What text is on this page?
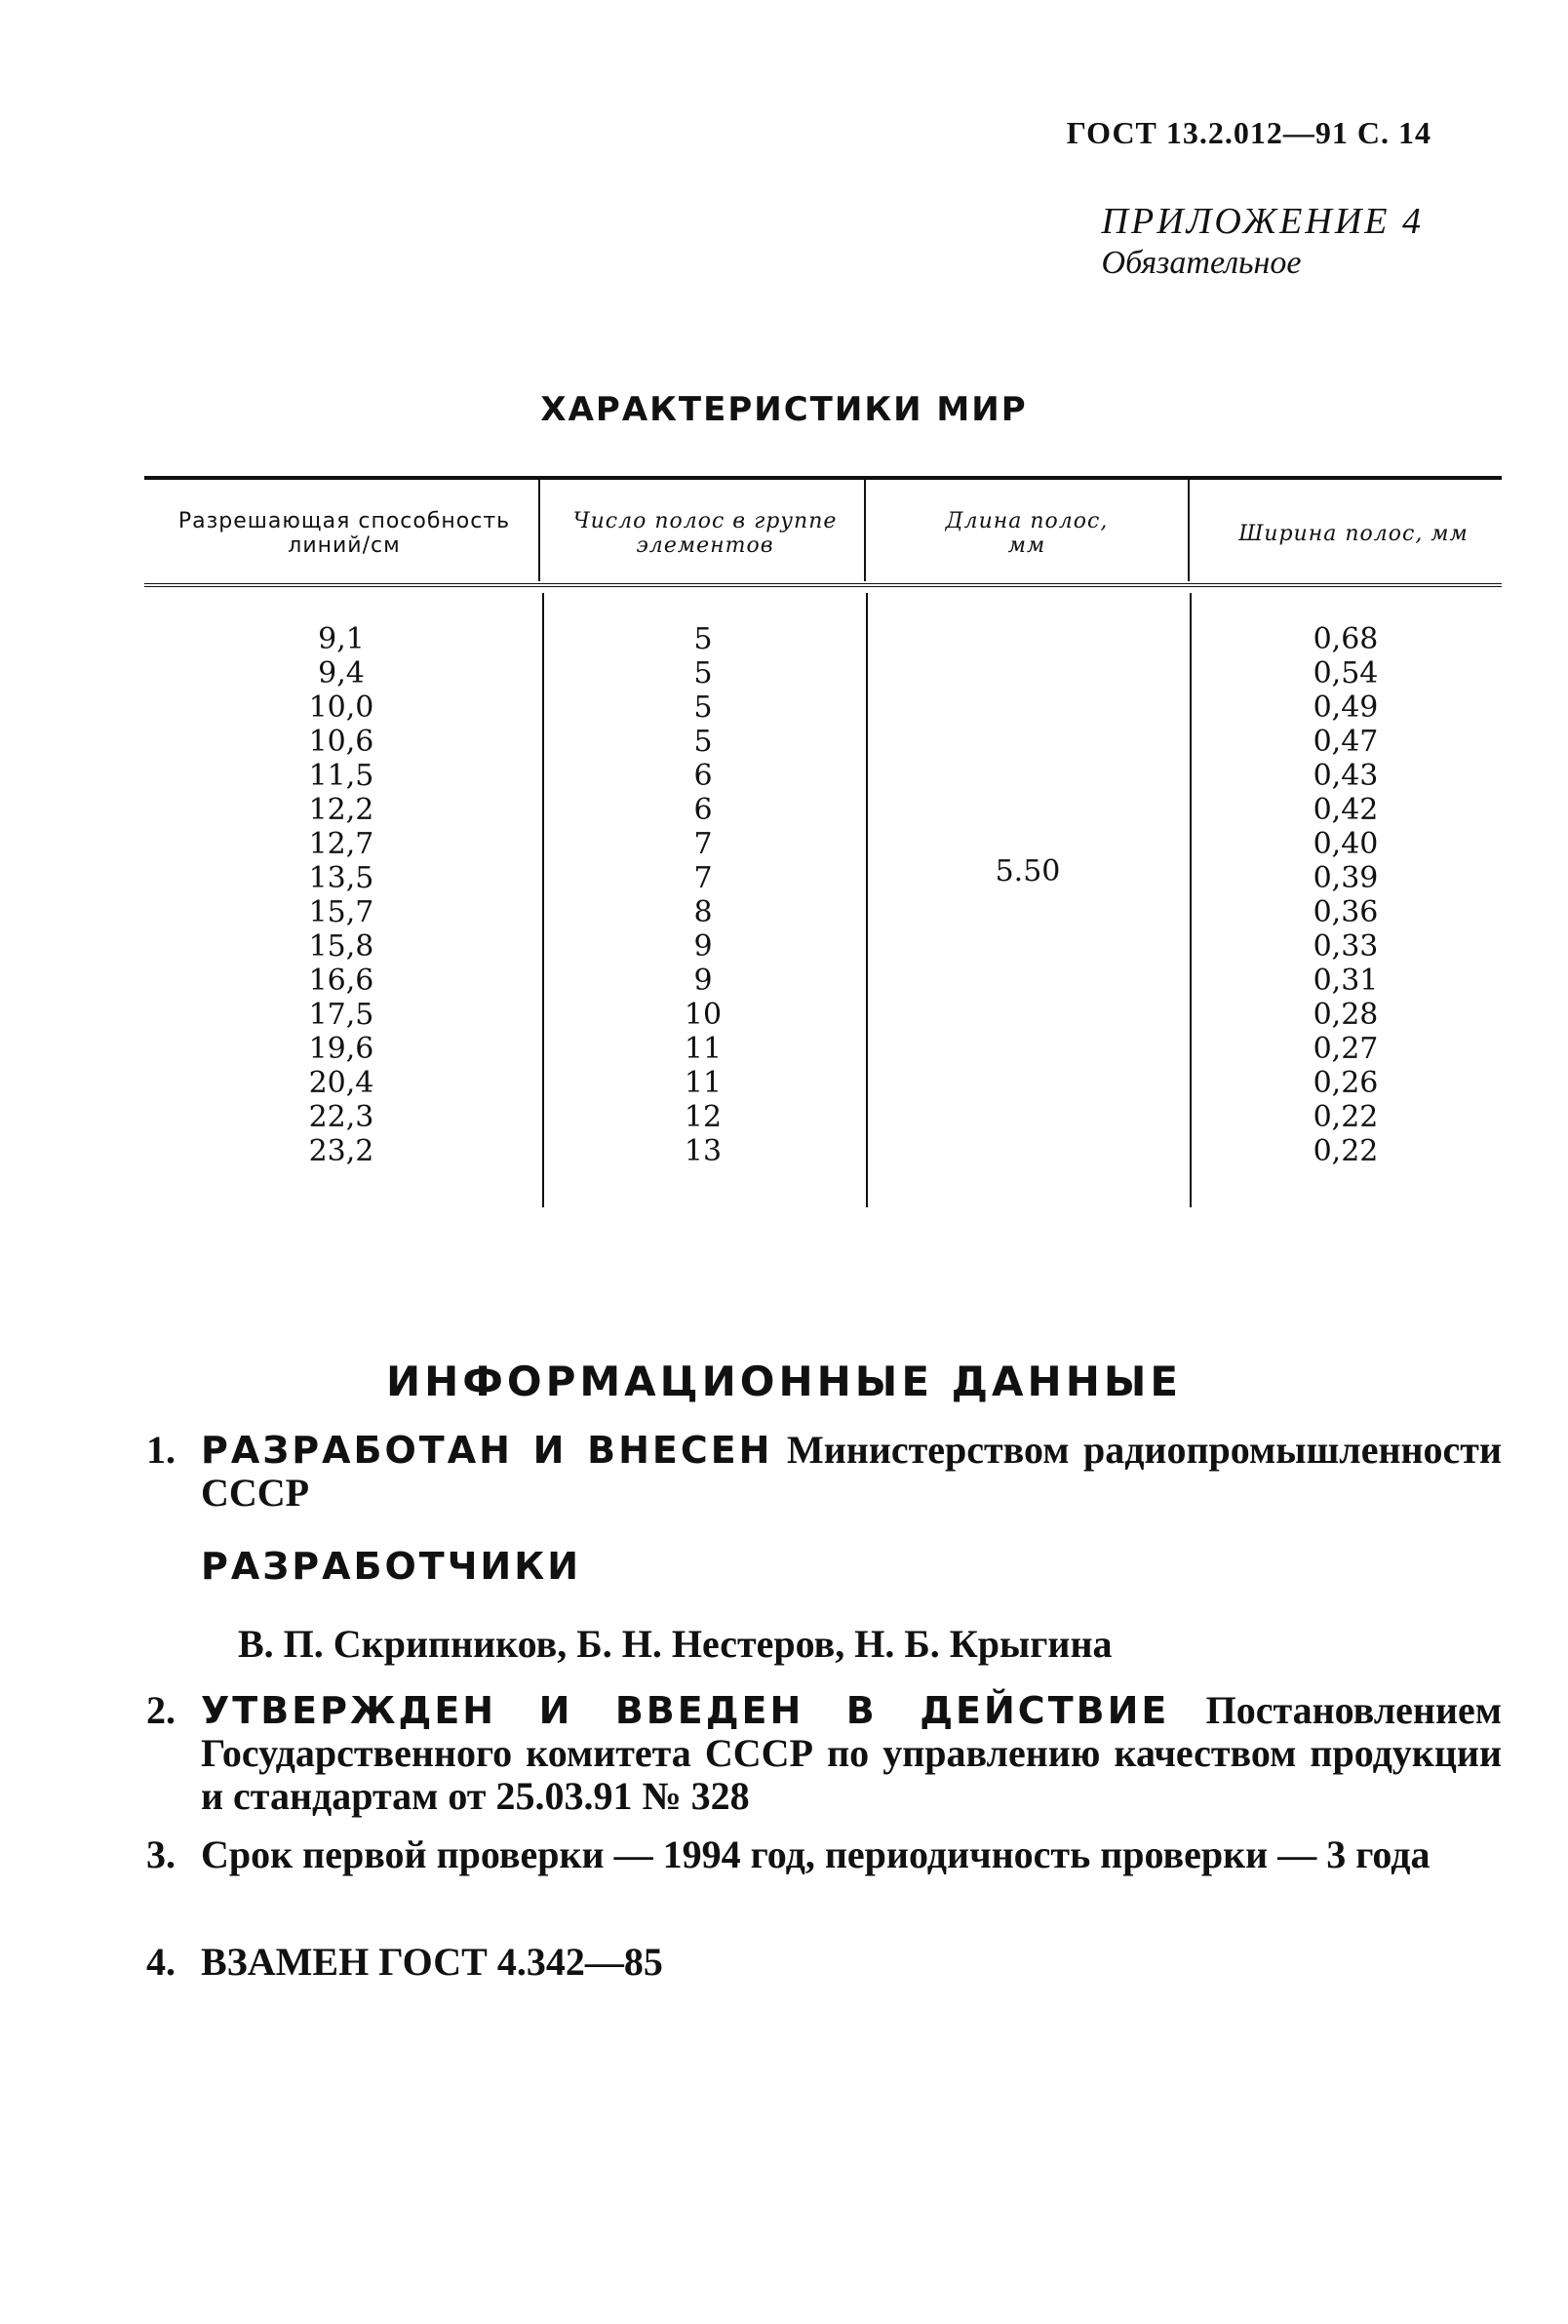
ГОСТ 13.2.012—91 С. 14
ПРИЛОЖЕНИЕ 4
Обязательное
ХАРАКТЕРИСТИКИ МИР
Разрешающая способность линий/см
Число полос в группе элементов
Длина полос, мм	Ширина полос, мм
9,1
9,4
10,0
10,6
11,5
12,2
12,7
13,5
15,7
15,8
16,6
17,5
19,6
20,4
22,3
23,2
5
5
5
5
6
6
7
7
8
9
9
10
11
11
12
13
5.50
0,68
0,54
0,49
0,47
0,43
0,42
0,40
0,39
0,36
0,33
0,31
0,28
0,27
0,26
0,22
0,22
ИНФОРМАЦИОННЫЕ ДАННЫЕ
1. РАЗРАБОТАН И ВНЕСЕН Министерством радиопромышленности СССР
РАЗРАБОТЧИКИ
В. П. Скрипников, Б. Н. Нестеров, Н. Б. Крыгина
2. УТВЕРЖДЕН И ВВЕДЕН В ДЕЙСТВИЕ Постановлением Государственного комитета СССР по управлению качеством продукции и стандартам от 25.03.91 № 328
3. Срок первой проверки — 1994 год, периодичность проверки — 3 года
4. ВЗАМЕН ГОСТ 4.342—85
